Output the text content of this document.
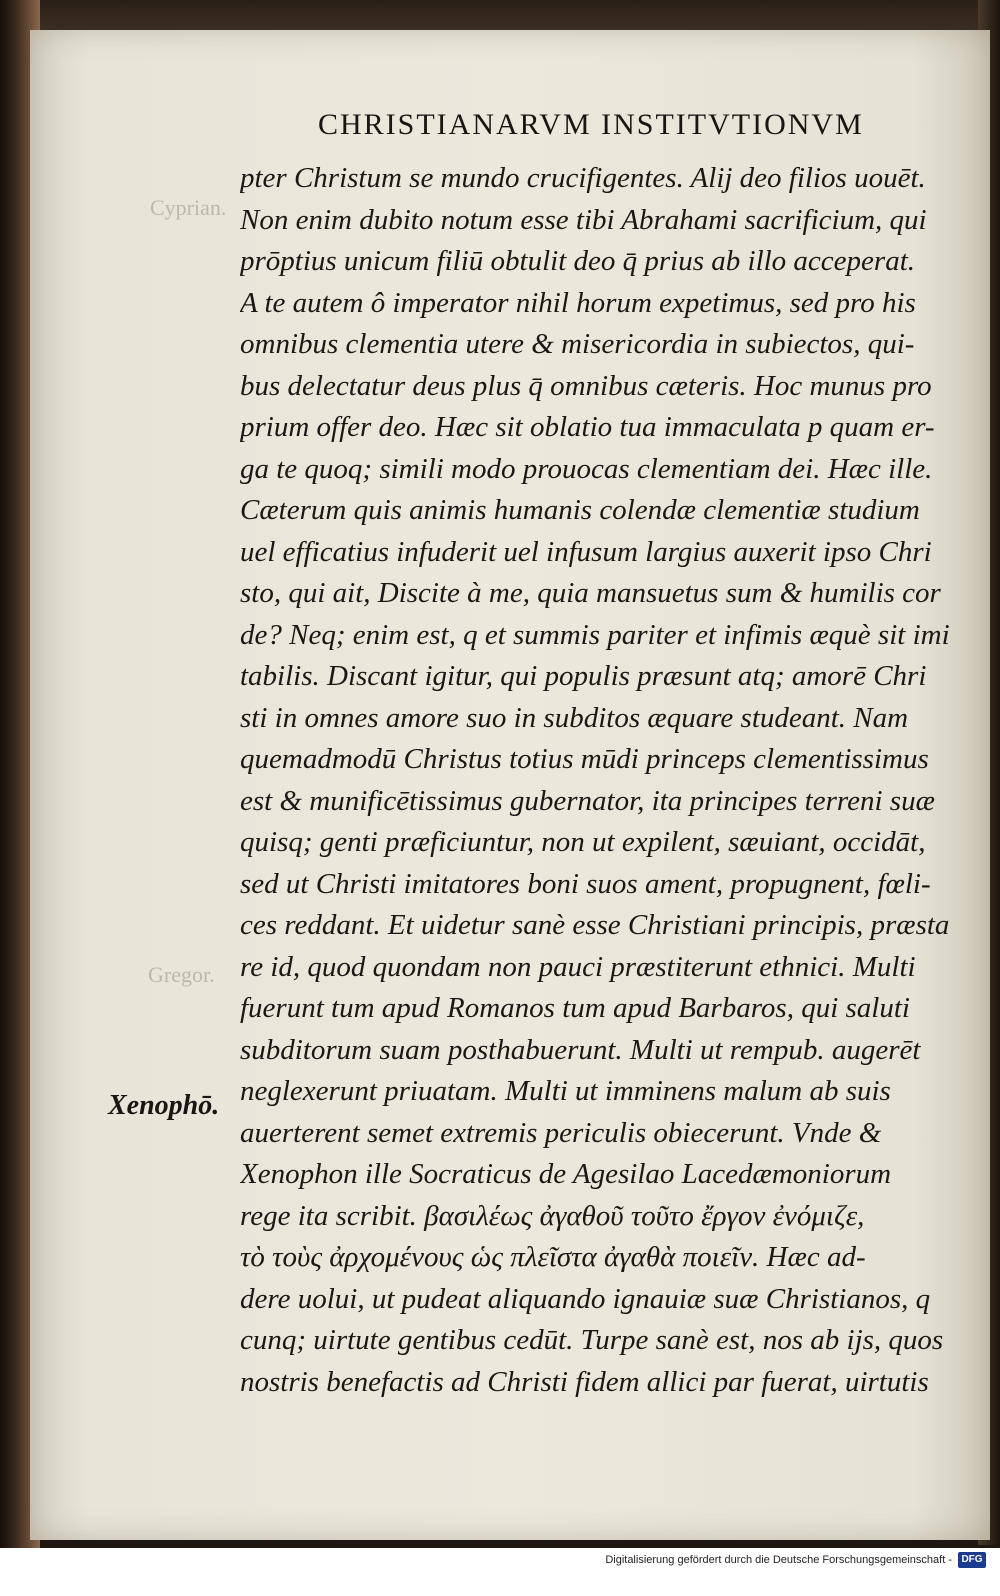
Cyprian.
Gregor.
CHRISTIANARVM INSTITVTIONVM
pter Christum se mundo crucifigentes. Alij deo filios uouēt.
Non enim dubito notum esse tibi Abrahami sacrificium, qui
prōptius unicum filiū obtulit deo q̄ prius ab illo acceperat.
A te autem ô imperator nihil horum expetimus, sed pro his
omnibus clementia utere & misericordia in subiectos, qui-
bus delectatur deus plus q̄ omnibus cæteris. Hoc munus pro
prium offer deo. Hæc sit oblatio tua immaculata p quam er-
ga te quoq; simili modo prouocas clementiam dei. Hæc ille.
Cæterum quis animis humanis colendæ clementiæ studium
uel efficatius infuderit uel infusum largius auxerit ipso Chri
sto, qui ait, Discite à me, quia mansuetus sum & humilis cor
de? Neq; enim est, q et summis pariter et infimis æquè sit imi
tabilis. Discant igitur, qui populis præsunt atq; amorē Chri
sti in omnes amore suo in subditos æquare studeant. Nam
quemadmodū Christus totius mūdi princeps clementissimus
est & munificētissimus gubernator, ita principes terreni suæ
quisq; genti præficiuntur, non ut expilent, sæuiant, occidāt,
sed ut Christi imitatores boni suos ament, propugnent, fœli-
ces reddant. Et uidetur sanè esse Christiani principis, præsta
re id, quod quondam non pauci præstiterunt ethnici. Multi
fuerunt tum apud Romanos tum apud Barbaros, qui saluti
subditorum suam posthabuerunt. Multi ut rempub. augerēt
neglexerunt priuatam. Multi ut imminens malum ab suis
auerterent semet extremis periculis obiecerunt. Vnde &
Xenophon ille Socraticus de Agesilao Lacedæmoniorum
rege ita scribit. βασιλέως ἀγαθοῦ τοῦτο ἔργον ἐνόμιζε,
τὸ τοὺς ἀρχομένους ὡς πλεῖστα ἀγαθὰ ποιεῖν. Hæc ad-
dere uolui, ut pudeat aliquando ignauiæ suæ Christianos, q
cunq; uirtute gentibus cedūt. Turpe sanè est, nos ab ijs, quos
nostris benefactis ad Christi fidem allici par fuerat, uirtutis
Xenophō.
Digitalisierung gefördert durch die Deutsche Forschungsgemeinschaft - DFG
